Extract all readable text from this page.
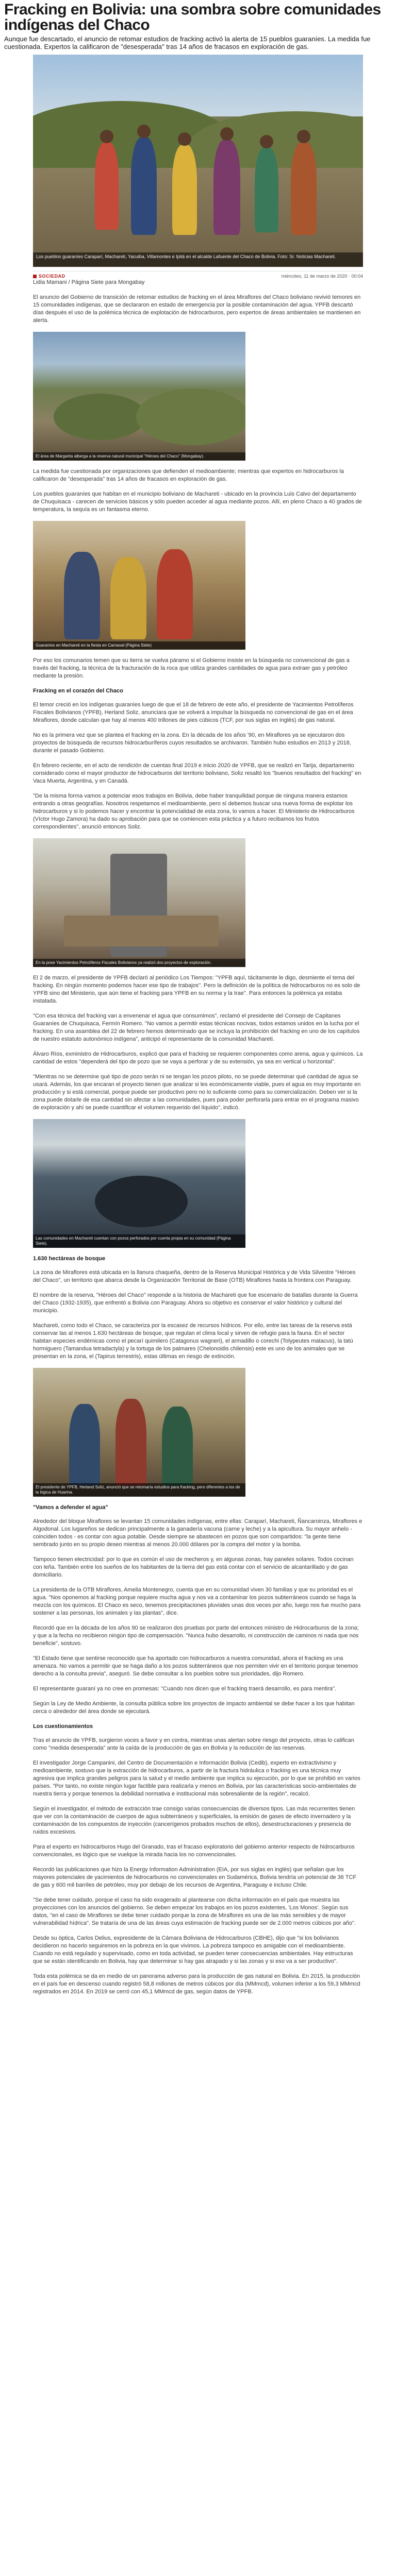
Fracking en Bolivia: una sombra sobre comunidades indígenas del Chaco

Aunque fue descartado, el anuncio de retomar estudios de fracking activó la alerta de 15 pueblos guaraníes. La medida fue cuestionada. Expertos la calificaron de "desesperada" tras 14 años de fracasos en exploración de gas.

Los pueblos guaraníes Caraparí, Machareti, Yacuiba, Villamontes e Ipitá en el alcalde Lafuente del Chaco de Bolivia. Foto: Sr. Noticias Machareti.
SOCIEDAD	miércoles, 11 de marzo de 2020 · 00:04

Lidia Mamani / Página Siete para Mongabay

El anuncio del Gobierno de transición de retomar estudios de fracking en el área Miraflores del Chaco boliviano revivió temores en 15 comunidades indígenas, que se declararon en estado de emergencia por la posible contaminación del agua. YPFB descartó días después el uso de la polémica técnica de explotación de hidrocarburos, pero expertos de áreas ambientales se mantienen en alerta.

El área de Margarita alberga a la reserva natural municipal "Héroes del Chaco" (Mongabay).

La medida fue cuestionada por organizaciones que defienden el medioambiente; mientras que expertos en hidrocarburos la calificaron de "desesperada" tras 14 años de fracasos en exploración de gas.

Los pueblos guaraníes que habitan en el municipio boliviano de Machareti - ubicado en la provincia Luis Calvo del departamento de Chuquisaca - carecen de servicios básicos y sólo pueden acceder al agua mediante pozos. Allí, en pleno Chaco a 40 grados de temperatura, la sequía es un fantasma eterno.

Guaraníes en Machareti en la fiesta en Carnaval (Página Siete)

Por eso los comunarios temen que su tierra se vuelva páramo si el Gobierno insiste en la búsqueda no convencional de gas a través del fracking, la técnica de la fracturación de la roca que utiliza grandes cantidades de agua para extraer gas y petróleo mediante la presión.

Fracking en el corazón del Chaco

El temor creció en los indígenas guaraníes luego de que el 18 de febrero de este año, el presidente de Yacimientos Petrolíferos Fiscales Bolivianos (YPFB), Herland Soliz, anunciara que se volverá a impulsar la búsqueda no convencional de gas en el área Miraflores, donde calculan que hay al menos 400 trillones de pies cúbicos (TCF, por sus siglas en inglés) de gas natural.

No es la primera vez que se plantea el fracking en la zona. En la década de los años '90, en Miraflores ya se ejecutaron dos proyectos de búsqueda de recursos hidrocarburíferos cuyos resultados se archivaron. También hubo estudios en 2013 y 2018, durante el pasado Gobierno.

En febrero reciente, en el acto de rendición de cuentas final 2019 e inicio 2020 de YPFB, que se realizó en Tarija, departamento considerado como el mayor productor de hidrocarburos del territorio boliviano, Soliz resaltó los "buenos resultados del fracking" en Vaca Muerta, Argentina, y en Canadá.

"De la misma forma vamos a potenciar esos trabajos en Bolivia, debe haber tranquilidad porque de ninguna manera estamos entrando a otras geografías. Nosotros respetamos el medioambiente, pero sí debemos buscar una nueva forma de explotar los hidrocarburos y si lo podemos hacer y encontrar la potencialidad de esta zona, lo vamos a hacer. El Ministerio de Hidrocarburos (Víctor Hugo Zamora) ha dado su aprobación para que se comiencen esta práctica y a futuro recibamos los frutos correspondientes", anunció entonces Soliz.

En la pose Yacimientos Petrolíferos Fiscales Bolivianos ya realizó dos proyectos de exploración.

El 2 de marzo, el presidente de YPFB declaró al periódico Los Tiempos: "YPFB aquí, tácitamente le digo, desmiente el tema del fracking. En ningún momento podemos hacer ese tipo de trabajos". Pero la definición de la política de hidrocarburos no es solo de YPFB sino del Ministerio, que aún tiene el fracking para YPFB en su norma y la trae". Para entonces la polémica ya estaba instalada.

"Con esa técnica del fracking van a envenenar el agua que consumimos", reclamó el presidente del Consejo de Capitanes Guaraníes de Chuquisaca, Fermín Romero. "No vamos a permitir estas técnicas nocivas, todos estamos unidos en la lucha por el fracking. En una asamblea del 22 de febrero hemos determinado que se incluya la prohibición del fracking en uno de los capítulos de nuestro estatuto autonómico indígena", anticipó el representante de la comunidad Machareti.

Álvaro Ríos, exministro de Hidrocarburos, explicó que para el fracking se requieren componentes como arena, agua y químicos. La cantidad de estos "dependerá del tipo de pozo que se vaya a perforar y de su extensión, ya sea en vertical u horizontal".

"Mientras no se determine qué tipo de pozo serán ni se tengan los pozos piloto, no se puede determinar qué cantidad de agua se usará. Además, los que encaran el proyecto tienen que analizar si les económicamente viable, pues el agua es muy importante en producción y si está comercial, porque puede ser productivo pero no lo suficiente como para su comercialización. Deben ver si la zona puede dotarle de esa cantidad sin afectar a las comunidades, pues para poder perforarla para entrar en el programa masivo de exploración y ahí se puede cuantificar el volumen requerido del líquido", indicó.

Las comunidades en Machareti cuentan con pozos perforados por cuenta propia en su comunidad (Página Siete).
1.630 hectáreas de bosque

La zona de Miraflores está ubicada en la llanura chaqueña, dentro de la Reserva Municipal Histórica y de Vida Silvestre "Héroes del Chaco", un territorio que abarca desde la Organización Territorial de Base (OTB) Miraflores hasta la frontera con Paraguay.

El nombre de la reserva, "Héroes del Chaco" responde a la historia de Machareti que fue escenario de batallas durante la Guerra del Chaco (1932-1935), que enfrentó a Bolivia con Paraguay. Ahora su objetivo es conservar el valor histórico y cultural del municipio.

Machareti, como todo el Chaco, se caracteriza por la escasez de recursos hídricos. Por ello, entre las tareas de la reserva está conservar las al menos 1.630 hectáreas de bosque, que regulan el clima local y sirven de refugio para la fauna. En el sector habitan especies endémicas como el pecarí quimilero (Catagonus wagneri), el armadillo o corechi (Tolypeutes matacus), la tatú hormiguero (Tamandua tetradactyla) y la tortuga de los palmares (Chelonoidis chilensis) este es uno de los animales que se presentan en la zona, el (Tapirus terrestris), estas últimas en riesgo de extinción.

El presidente de YPFB, Herland Soliz, anunció que se retomaría estudios para fracking, pero diferentes a los de la lógica de Huarina.
"Vamos a defender el agua"

Alrededor del bloque Miraflores se levantan 15 comunidades indígenas, entre ellas: Caraparí, Machareti, Ñancaroinza, Miraflores e Algodonal. Los lugareños se dedican principalmente a la ganadería vacuna (carne y leche) y a la apicultura. Su mayor anhelo - coinciden todos - es contar con agua potable. Desde siempre se abastecen en pozos que son compartidos: "la gente tiene sembrado junto en su propio deseo mientras al menos 20.000 dólares por la compra del motor y la bomba.

Tampoco tienen electricidad: por lo que es común el uso de mecheros y, en algunas zonas, hay paneles solares. Todos cocinan con leña. También entre los sueños de los habitantes de la tierra del gas está contar con el servicio de alcantarillado y de gas domiciliario.

La presidenta de la OTB Miraflores, Amelia Montenegro, cuenta que en su comunidad viven 30 familias y que su prioridad es el agua. "Nos oponemos al fracking porque requiere mucha agua y nos va a contaminar los pozos subterráneos cuando se haga la mezcla con los químicos. El Chaco es seco, tenemos precipitaciones pluviales unas dos veces por año, luego nos fue mucho para sostener a las personas, los animales y las plantas", dice.

Recordó que en la década de los años 90 se realizaron dos pruebas por parte del entonces ministro de Hidrocarburos de la zona; y que a la fecha no recibieron ningún tipo de compensación. "Nunca hubo desarrollo, ni construcción de caminos ni nada que nos beneficie", sostuvo.

"El Estado tiene que sentirse reconocido que ha aportado con hidrocarburos a nuestra comunidad, ahora el fracking es una amenaza. No vamos a permitir que se haga daño a los pozos subterráneos que nos permiten vivir en el territorio porque tenemos derecho a la consulta previa", aseguró. Se debe consultar a los pueblos sobre sus prioridades, dijo Romero.

El representante guaraní ya no cree en promesas: "Cuando nos dicen que el fracking traerá desarrollo, es para mentira".

Según la Ley de Medio Ambiente, la consulta pública sobre los proyectos de impacto ambiental se debe hacer a los que habitan cerca o alrededor del área donde se ejecutará.

Los cuestionamientos

Tras el anuncio de YPFB, surgieron voces a favor y en contra, mientras unas alertan sobre riesgo del proyecto, otras lo califican como "medida desesperada" ante la caída de la producción de gas en Bolivia y la reducción de las reservas.

El investigador Jorge Campanini, del Centro de Documentación e Información Bolivia (Cedib), experto en extractivismo y medioambiente, sostuvo que la extracción de hidrocarburos, a partir de la fractura hidráulica o fracking es una técnica muy agresiva que implica grandes peligros para la salud y el medio ambiente que implica su ejecución, por lo que se prohibió en varios países. "Por tanto, no existe ningún lugar factible para realizarla y menos en Bolivia, por las características socio-ambientales de nuestra tierra y porque tenemos la debilidad normativa e institucional más sobresaliente de la región", recalcó.

Según el investigador, el método de extracción trae consigo varias consecuencias de diversos tipos. Las más recurrentes tienen que ver con la contaminación de cuerpos de agua subterráneos y superficiales, la emisión de gases de efecto invernadero y la contaminación de los compuestos de inyección (cancerígenos probados muchos de ellos), desestructuraciones y presencia de ruidos excesivos.

Para el experto en hidrocarburos Hugo del Granado, tras el fracaso exploratorio del gobierno anterior respecto de hidrocarburos convencionales, es lógico que se vuelque la mirada hacia los no convencionales.

Recordó las publicaciones que hizo la Energy Information Administration (EIA, por sus siglas en inglés) que señalan que los mayores potenciales de yacimientos de hidrocarburos no convencionales en Sudamérica, Bolivia tendría un potencial de 36 TCF de gas y 600 mil barriles de petróleo, muy por debajo de los recursos de Argentina, Paraguay e incluso Chile.

"Se debe tener cuidado, porque el caso ha sido exagerado al plantearse con dicha información en el país que muestra las proyecciones con los anuncios del gobierno. Se deben empezar los trabajos en los pozos existentes, 'Los Monos'. Según sus datos, "en el caso de Miraflores se debe tener cuidado porque la zona de Miraflores es una de las más sensibles y de mayor vulnerabilidad hídrica". Se trataría de una de las áreas cuya estimación de fracking puede ser de 2.000 metros cúbicos por año".

Desde su óptica, Carlos Delius, expresidente de la Cámara Boliviana de Hidrocarburos (CBHE), dijo que "si los bolivianos decidieron no hacerlo seguiremos en la pobreza en la que vivimos. La pobreza tampoco es amigable con el medioambiente. Cuando no está regulado y supervisado, como en toda actividad, se pueden tener consecuencias ambientales. Hay estructuras que se están identificando en Bolivia, hay que determinar si hay gas atrapado y si las zonas y si eso va a ser productivo".

Toda esta polémica se da en medio de un panorama adverso para la producción de gas natural en Bolivia. En 2015, la producción en el país fue en descenso cuando registró 58,8 millones de metros cúbicos por día (MMmcd), volumen inferior a los 59,3 MMmcd registrados en 2014. En 2019 se cerró con 45,1 MMmcd de gas, según datos de YPFB.
